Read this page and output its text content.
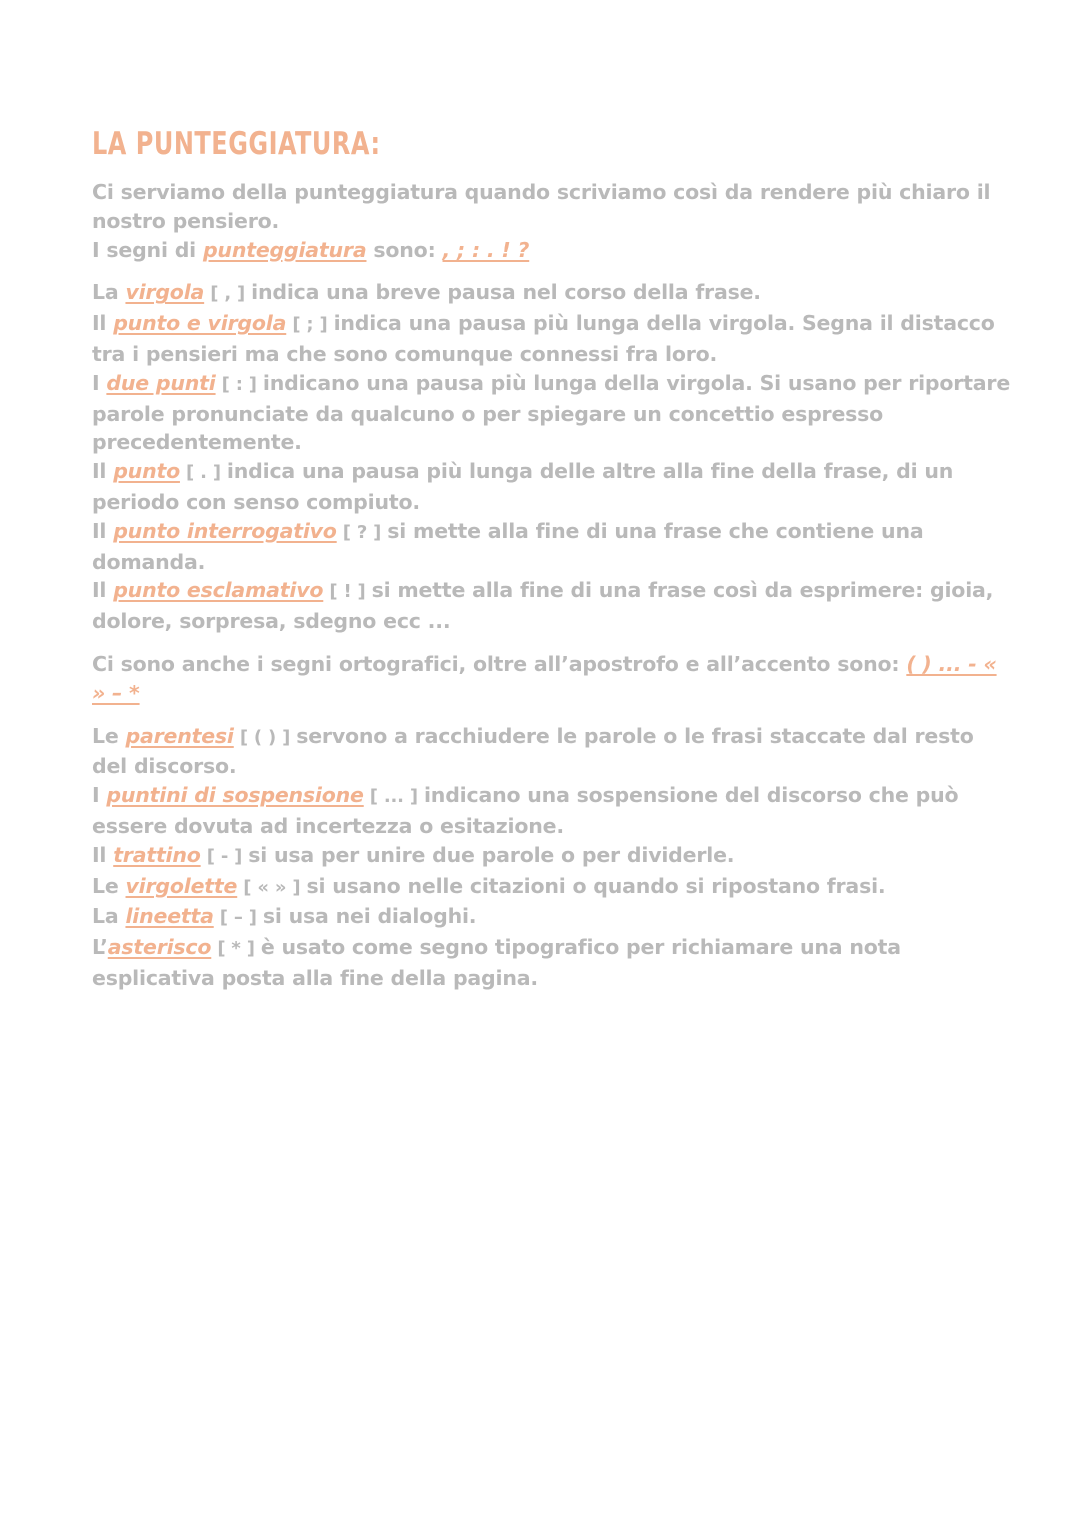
LA PUNTEGGIATURA:

Ci serviamo della punteggiatura quando scriviamo così da rendere più chiaro il nostro pensiero.
I segni di punteggiatura sono: , ; : . ! ?

La virgola [ , ] indica una breve pausa nel corso della frase.
Il punto e virgola [ ; ] indica una pausa più lunga della virgola. Segna il distacco tra i pensieri ma che sono comunque connessi fra loro.
I due punti [ : ] indicano una pausa più lunga della virgola. Si usano per riportare parole pronunciate da qualcuno o per spiegare un concettio espresso precedentemente.
Il punto [ . ] indica una pausa più lunga delle altre alla fine della frase, di un periodo con senso compiuto.
Il punto interrogativo [ ? ] si mette alla fine di una frase che contiene una domanda.
Il punto esclamativo [ ! ] si mette alla fine di una frase così da esprimere: gioia, dolore, sorpresa, sdegno ecc ...

Ci sono anche i segni ortografici, oltre all’apostrofo e all’accento sono: ( ) ... - « » – *

Le parentesi [ ( ) ] servono a racchiudere le parole o le frasi staccate dal resto del discorso.
I puntini di sospensione [ ... ] indicano una sospensione del discorso che può essere dovuta ad incertezza o esitazione.
Il trattino [ - ] si usa per unire due parole o per dividerle.
Le virgolette [ « » ] si usano nelle citazioni o quando si ripostano frasi.
La lineetta [ – ] si usa nei dialoghi.
L’asterisco [ * ] è usato come segno tipografico per richiamare una nota esplicativa posta alla fine della pagina.
